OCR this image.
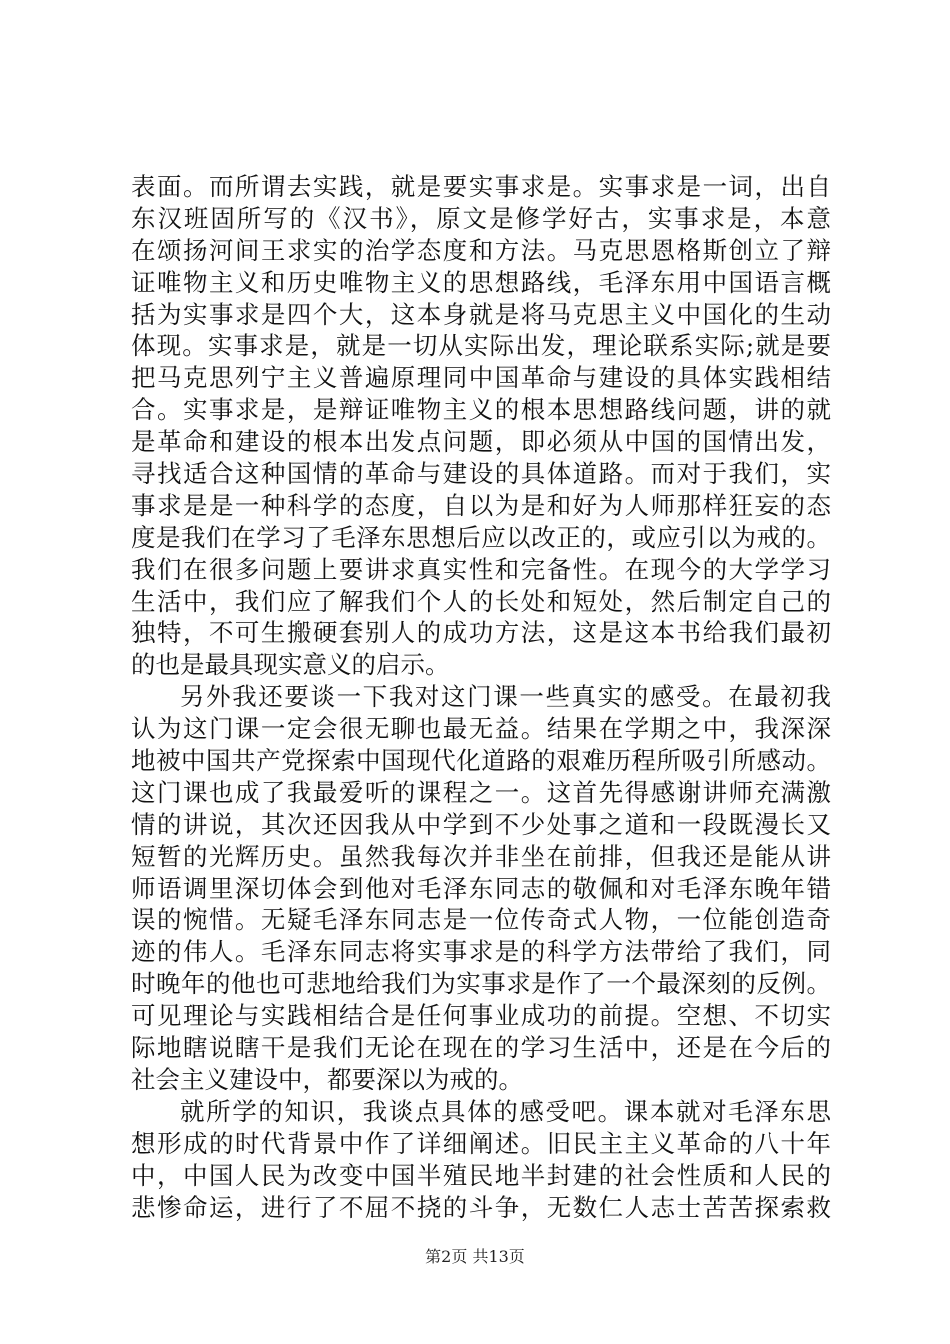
表面。而所谓去实践，就是要实事求是。实事求是一词，出自
东汉班固所写的《汉书》，原文是修学好古，实事求是，本意
在颂扬河间王求实的治学态度和方法。马克思恩格斯创立了辩
证唯物主义和历史唯物主义的思想路线，毛泽东用中国语言概
括为实事求是四个大，这本身就是将马克思主义中国化的生动
体现。实事求是，就是一切从实际出发，理论联系实际;就是要
把马克思列宁主义普遍原理同中国革命与建设的具体实践相结
合。实事求是，是辩证唯物主义的根本思想路线问题，讲的就
是革命和建设的根本出发点问题，即必须从中国的国情出发，
寻找适合这种国情的革命与建设的具体道路。而对于我们，实
事求是是一种科学的态度，自以为是和好为人师那样狂妄的态
度是我们在学习了毛泽东思想后应以改正的，或应引以为戒的。
我们在很多问题上要讲求真实性和完备性。在现今的大学学习
生活中，我们应了解我们个人的长处和短处，然后制定自己的
独特，不可生搬硬套别人的成功方法，这是这本书给我们最初
的也是最具现实意义的启示。
另外我还要谈一下我对这门课一些真实的感受。在最初我
认为这门课一定会很无聊也最无益。结果在学期之中，我深深
地被中国共产党探索中国现代化道路的艰难历程所吸引所感动。
这门课也成了我最爱听的课程之一。这首先得感谢讲师充满激
情的讲说，其次还因我从中学到不少处事之道和一段既漫长又
短暂的光辉历史。虽然我每次并非坐在前排，但我还是能从讲
师语调里深切体会到他对毛泽东同志的敬佩和对毛泽东晚年错
误的惋惜。无疑毛泽东同志是一位传奇式人物，一位能创造奇
迹的伟人。毛泽东同志将实事求是的科学方法带给了我们，同
时晚年的他也可悲地给我们为实事求是作了一个最深刻的反例。
可见理论与实践相结合是任何事业成功的前提。空想、不切实
际地瞎说瞎干是我们无论在现在的学习生活中，还是在今后的
社会主义建设中，都要深以为戒的。
就所学的知识，我谈点具体的感受吧。课本就对毛泽东思
想形成的时代背景中作了详细阐述。旧民主主义革命的八十年
中，中国人民为改变中国半殖民地半封建的社会性质和人民的
悲惨命运，进行了不屈不挠的斗争，无数仁人志士苦苦探索救
第2页 共13页
